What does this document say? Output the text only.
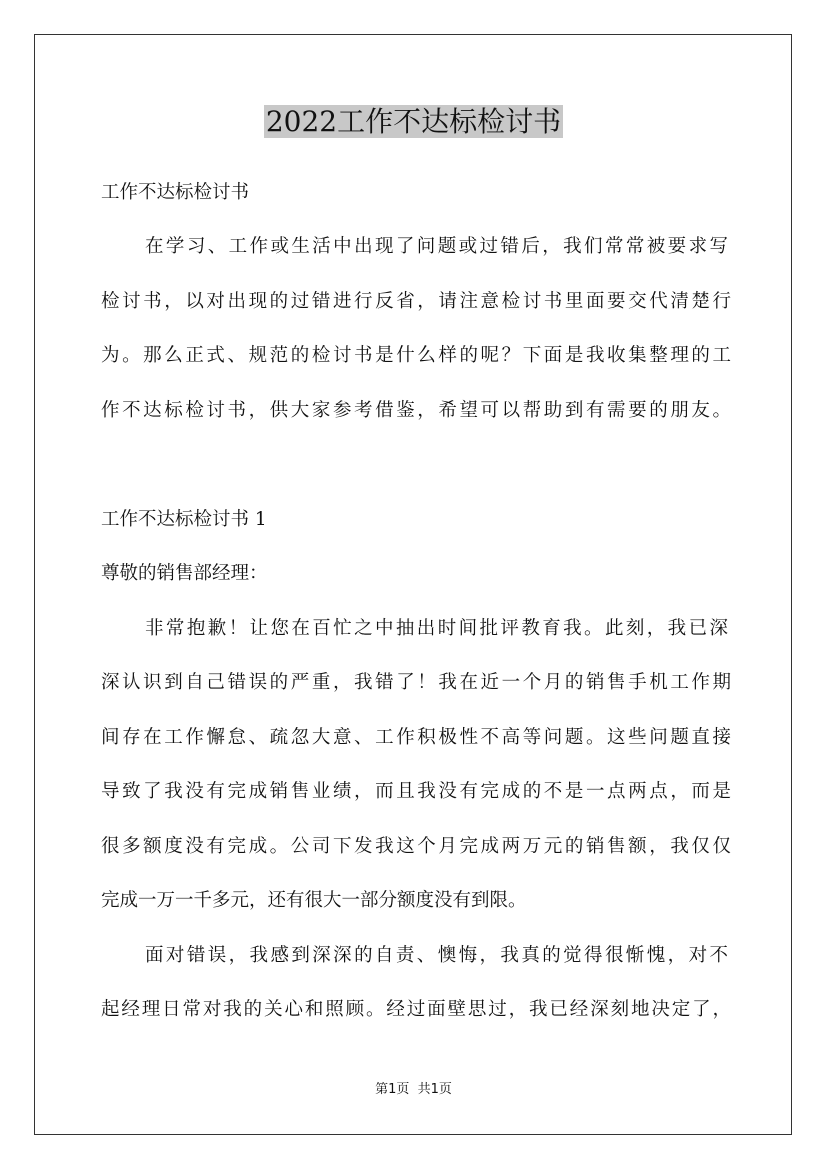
2022工作不达标检讨书
工作不达标检讨书
在学习、工作或生活中出现了问题或过错后，我们常常被要求写
检讨书，以对出现的过错进行反省，请注意检讨书里面要交代清楚行
为。那么正式、规范的检讨书是什么样的呢？下面是我收集整理的工
作不达标检讨书，供大家参考借鉴，希望可以帮助到有需要的朋友。
工作不达标检讨书 1
尊敬的销售部经理：
非常抱歉！让您在百忙之中抽出时间批评教育我。此刻，我已深
深认识到自己错误的严重，我错了！我在近一个月的销售手机工作期
间存在工作懈怠、疏忽大意、工作积极性不高等问题。这些问题直接
导致了我没有完成销售业绩，而且我没有完成的不是一点两点，而是
很多额度没有完成。公司下发我这个月完成两万元的销售额，我仅仅
完成一万一千多元，还有很大一部分额度没有到限。
面对错误，我感到深深的自责、懊悔，我真的觉得很惭愧，对不
起经理日常对我的关心和照顾。经过面壁思过，我已经深刻地决定了，
第1页 共1页
